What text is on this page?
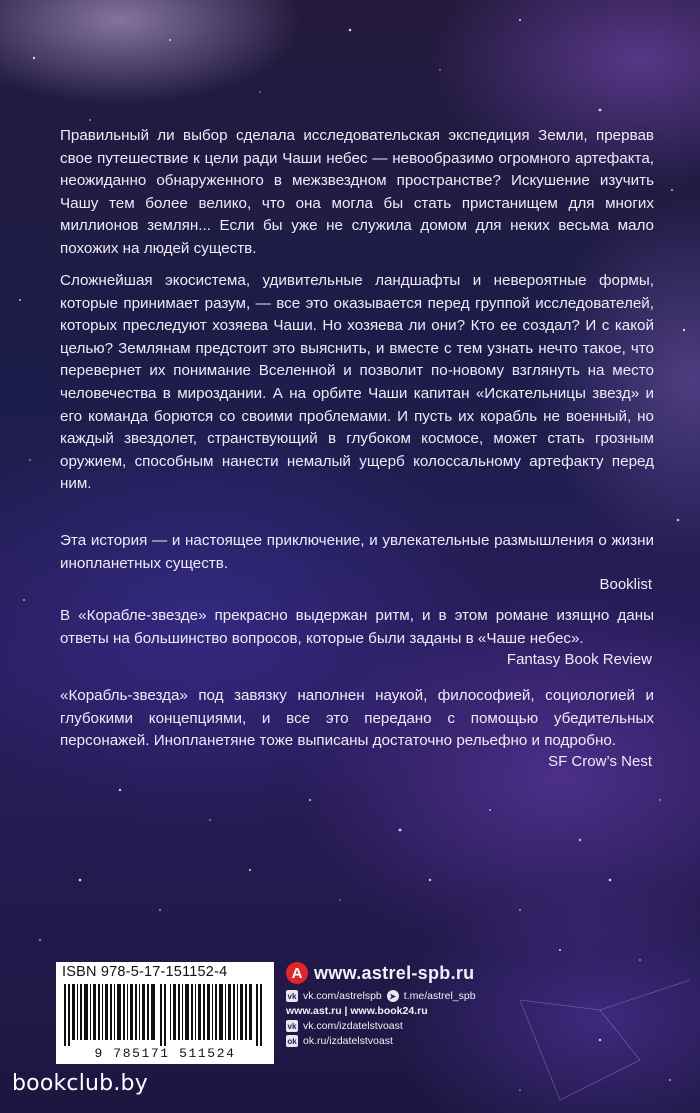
Правильный ли выбор сделала исследовательская экспедиция Земли, прервав свое путешествие к цели ради Чаши небес — невообразимо огромного артефакта, неожиданно обнаруженного в межзвездном пространстве? Искушение изучить Чашу тем более велико, что она могла бы стать пристанищем для многих миллионов землян... Если бы уже не служила домом для неких весьма мало похожих на людей существ.

Сложнейшая экосистема, удивительные ландшафты и невероятные формы, которые принимает разум, — все это оказывается перед группой исследователей, которых преследуют хозяева Чаши. Но хозяева ли они? Кто ее создал? И с какой целью? Землянам предстоит это выяснить, и вместе с тем узнать нечто такое, что перевернет их понимание Вселенной и позволит по-новому взглянуть на место человечества в мироздании. А на орбите Чаши капитан «Искательницы звезд» и его команда борются со своими проблемами. И пусть их корабль не военный, но каждый звездолет, странствующий в глубоком космосе, может стать грозным оружием, способным нанести немалый ущерб колоссальному артефакту перед ним.

Эта история — и настоящее приключение, и увлекательные размышления о жизни инопланетных существ.

Booklist

В «Корабле-звезде» прекрасно выдержан ритм, и в этом романе изящно даны ответы на большинство вопросов, которые были заданы в «Чаше небес».

Fantasy Book Review

«Корабль-звезда» под завязку наполнен наукой, философией, социологией и глубокими концепциями, и все это передано с помощью убедительных персонажей. Инопланетяне тоже выписаны достаточно рельефно и подробно.

SF Crow’s Nest
ISBN 978-5-17-151152-4
9 785171 511524
A www.astrel-spb.ru
vk vk.com/astrelspb ➤ t.me/astrel_spb
www.ast.ru | www.book24.ru
vk vk.com/izdatelstvoast
ok ok.ru/izdatelstvoast
bookclub.by
